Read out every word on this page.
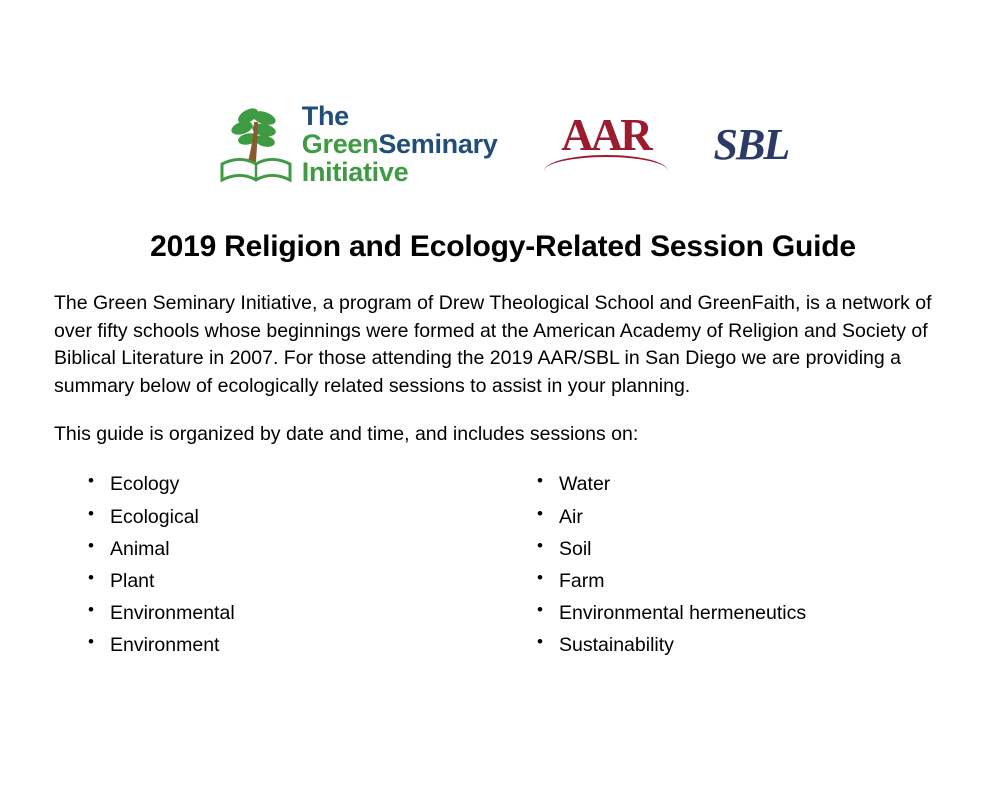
The
GreenSeminary
Initiative
AAR	SBL
2019 Religion and Ecology-Related Session Guide

The Green Seminary Initiative, a program of Drew Theological School and GreenFaith, is a network of over fifty schools whose beginnings were formed at the American Academy of Religion and Society of Biblical Literature in 2007. For those attending the 2019 AAR/SBL in San Diego we are providing a summary below of ecologically related sessions to assist in your planning.

This guide is organized by date and time, and includes sessions on:

• Ecology
• Ecological
• Animal
• Plant
• Environmental
• Environment
• Water
• Air
• Soil
• Farm
• Environmental hermeneutics
• Sustainability
